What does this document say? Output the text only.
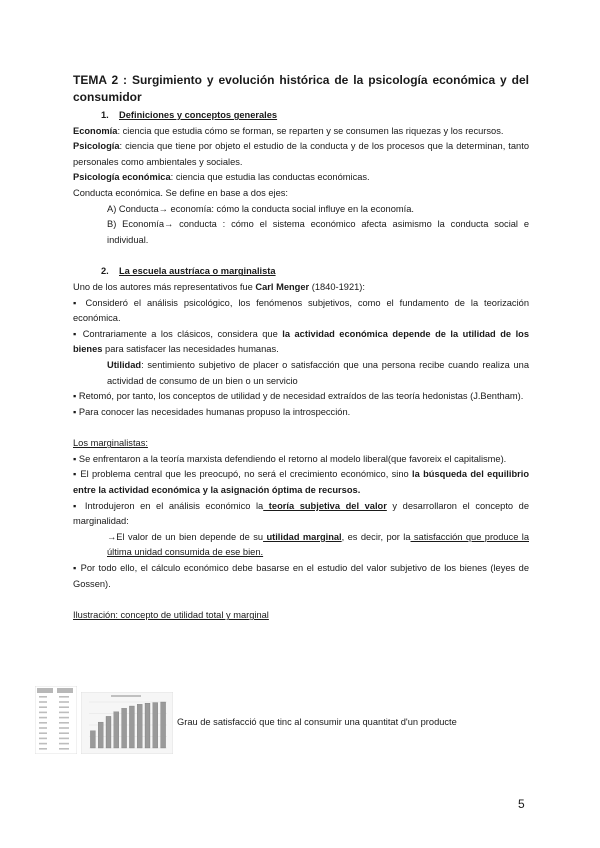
TEMA 2 : Surgimiento y evolución histórica de la psicología económica y del consumidor
1. Definiciones y conceptos generales

Economía: ciencia que estudia cómo se forman, se reparten y se consumen las riquezas y los recursos.

Psicología: ciencia que tiene por objeto el estudio de la conducta y de los procesos que la determinan, tanto personales como ambientales y sociales.

Psicología económica: ciencia que estudia las conductas económicas.

Conducta económica. Se define en base a dos ejes:

A) Conducta→ economía: cómo la conducta social influye en la economía.

B) Economía→ conducta : cómo el sistema económico afecta asimismo la conducta social e individual.

2. La escuela austríaca o marginalista

Uno de los autores más representativos fue Carl Menger (1840-1921):

▪ Consideró el análisis psicológico, los fenómenos subjetivos, como el fundamento de la teorización económica.

▪ Contrariamente a los clásicos, considera que la actividad económica depende de la utilidad de los bienes para satisfacer las necesidades humanas.

Utilidad: sentimiento subjetivo de placer o satisfacción que una persona recibe cuando realiza una actividad de consumo de un bien o un servicio

▪ Retomó, por tanto, los conceptos de utilidad y de necesidad extraídos de las teoría hedonistas (J.Bentham).

▪ Para conocer las necesidades humanas propuso la introspección.

Los marginalistas:

▪ Se enfrentaron a la teoría marxista defendiendo el retorno al modelo liberal(que favoreix el capitalisme).

▪ El problema central que les preocupó, no será el crecimiento económico, sino la búsqueda del equilibrio entre la actividad económica y la asignación óptima de recursos.

▪ Introdujeron en el análisis económico la teoría subjetiva del valor y desarrollaron el concepto de marginalidad:

→El valor de un bien depende de su utilidad marginal, es decir, por la satisfacción que produce la última unidad consumida de ese bien.

▪ Por todo ello, el cálculo económico debe basarse en el estudio del valor subjetivo de los bienes (leyes de Gossen).

Ilustración: concepto de utilidad total y marginal

Grau de satisfacció que tinc al consumir una quantitat d'un producte
5
